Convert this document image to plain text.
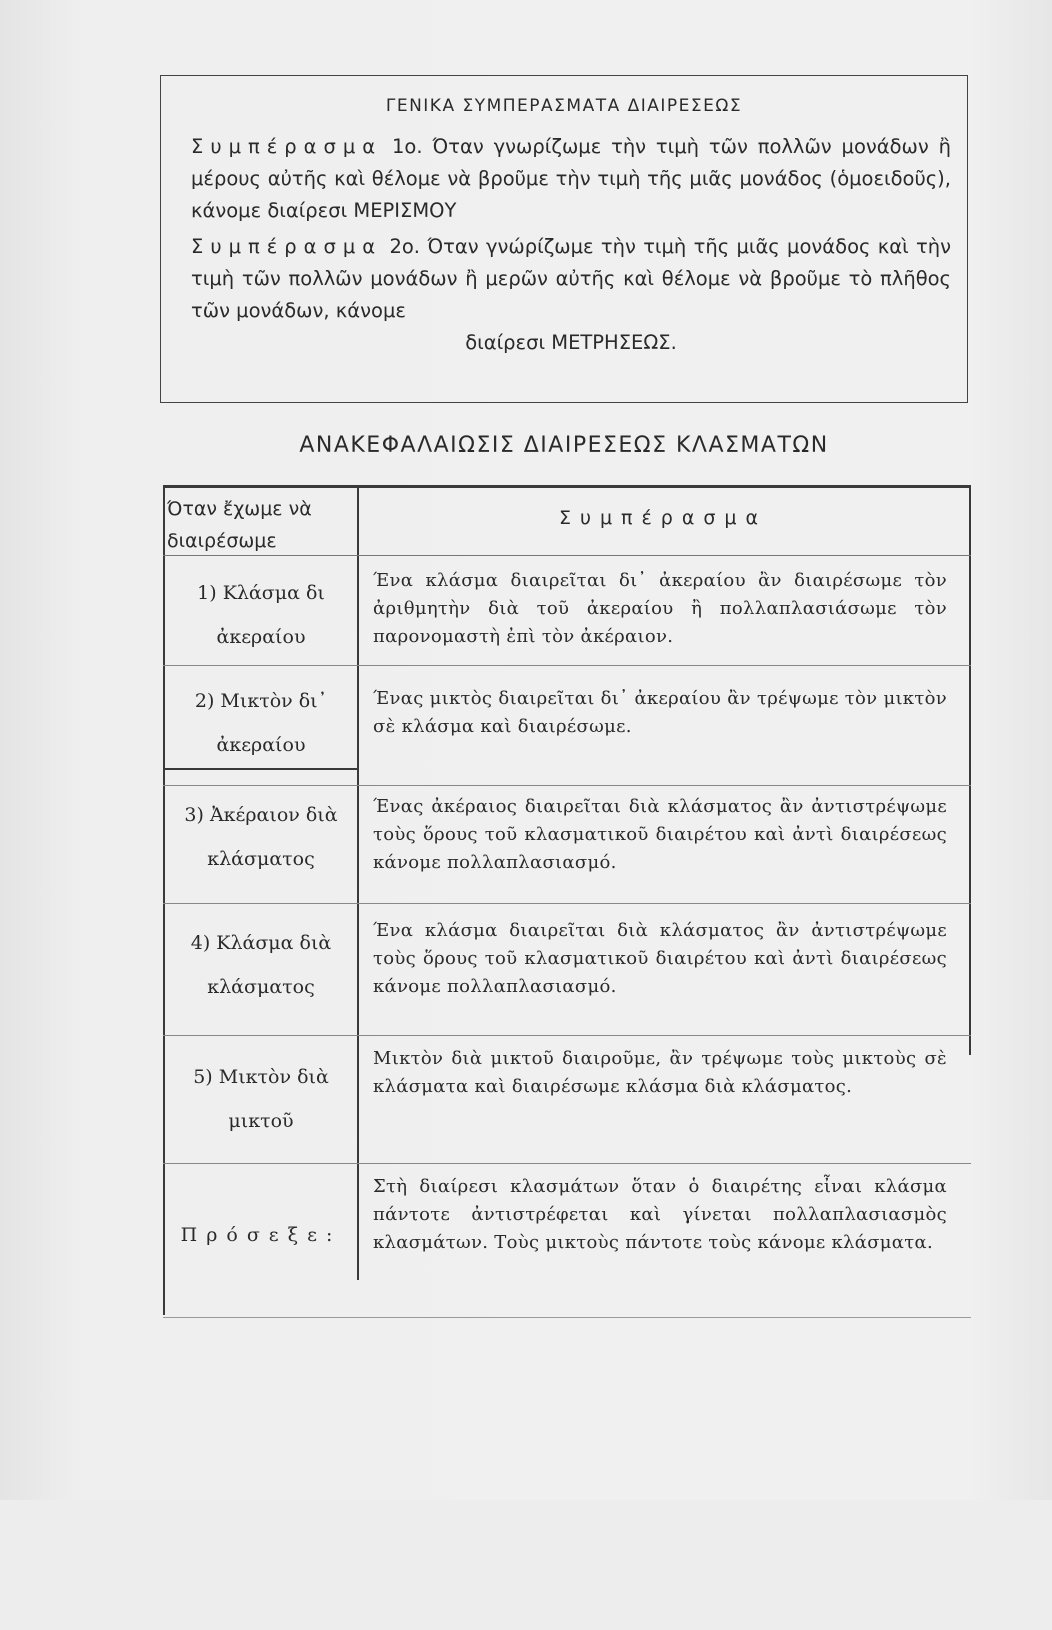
ΓΕΝΙΚΑ ΣΥΜΠΕΡΑΣΜΑΤΑ ΔΙΑΙΡΕΣΕΩΣ
Συμπέρασμα 1ο. Όταν γνωρίζωμε τὴν τιμὴ τῶν πολλῶν μονάδων ἢ μέρους αὐτῆς καὶ θέλομε νὰ βροῦμε τὴν τιμὴ τῆς μιᾶς μονάδος (ὁμοειδοῦς), κάνομε διαίρεσι ΜΕΡΙΣΜΟΥ
Συμπέρασμα 2ο. Όταν γνώρίζωμε τὴν τιμὴ τῆς μιᾶς μονάδος καὶ τὴν τιμὴ τῶν πολλῶν μονάδων ἢ μερῶν αὐτῆς καὶ θέλομε νὰ βροῦμε τὸ πλῆθος τῶν μονάδων, κάνομε
διαίρεσι ΜΕΤΡΗΣΕΩΣ.
ΑΝΑΚΕΦΑΛΑΙΩΣΙΣ ΔΙΑΙΡΕΣΕΩΣ ΚΛΑΣΜΑΤΩΝ
Όταν ἔχωμε νὰ διαιρέσωμε
Συμπέρασμα
1) Κλάσμα δι ἀκεραίου
Ένα κλάσμα διαιρεῖται δι᾽ ἀκεραίου ἂν διαιρέσωμε τὸν ἀριθμητὴν διὰ τοῦ ἀκεραίου ἢ πολλαπλασιάσωμε τὸν παρονομαστὴ ἐπὶ τὸν ἀκέραιον.
2) Μικτὸν δι᾽ ἀκεραίου
Ένας μικτὸς διαιρεῖται δι᾽ ἀκεραίου ἂν τρέψωμε τὸν μικτὸν σὲ κλάσμα καὶ διαιρέσωμε.
3) Ἀκέραιον διὰ κλάσματος
Ένας ἀκέραιος διαιρεῖται διὰ κλάσματος ἂν ἀντιστρέψωμε τοὺς ὅρους τοῦ κλασματικοῦ διαιρέτου καὶ ἀντὶ διαιρέσεως κάνομε πολλαπλασιασμό.
4) Κλάσμα διὰ κλάσματος
Ένα κλάσμα διαιρεῖται διὰ κλάσματος ἂν ἀντιστρέψωμε τοὺς ὅρους τοῦ κλασματικοῦ διαιρέτου καὶ ἀντὶ διαιρέσεως κάνομε πολλαπλασιασμό.
5) Μικτὸν διὰ μικτοῦ
Μικτὸν διὰ μικτοῦ διαιροῦμε, ἂν τρέψωμε τοὺς μικτοὺς σὲ κλάσματα καὶ διαιρέσωμε κλάσμα διὰ κλάσματος.
Πρόσεξε:
Στὴ διαίρεσι κλασμάτων ὅταν ὁ διαιρέτης εἶναι κλάσμα πάντοτε ἀντιστρέφεται καὶ γίνεται πολλαπλασιασμὸς κλασμάτων. Τοὺς μικτοὺς πάντοτε τοὺς κάνομε κλάσματα.
